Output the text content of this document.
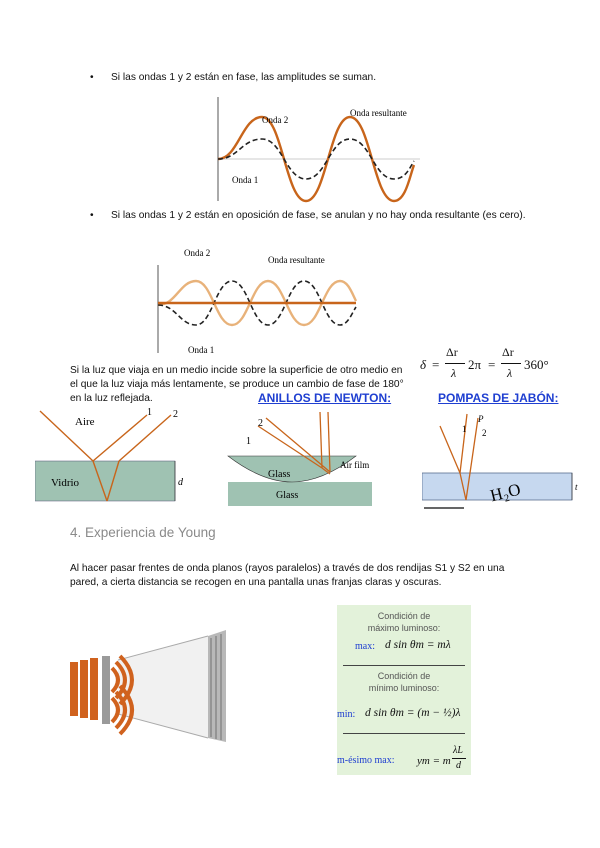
• Si las ondas 1 y 2 están en fase, las amplitudes se suman.
Onda 2
Onda 1
Onda resultante
• Si las ondas 1 y 2 están en oposición de fase, se anulan y no hay onda resultante (es cero).
Onda 2
Onda 1
Onda resultante
Si la luz que viaja en un medio incide sobre la superficie de otro medio en el que la luz viaja más lentamente, se produce un cambio de fase de 180° en la luz reflejada.
δ =
Δr
λ
2π =
Δr
λ
360°
ANILLOS DE NEWTON:	POMPAS DE JABÓN:
Aire
1 2
Vidrio	d
1
2
Glass
Glass
Air film
P
1 2
t
H₂O
4. Experiencia de Young
Al hacer pasar frentes de onda planos (rayos paralelos) a través de dos rendijas S1 y S2 en una pared, a cierta distancia se recogen en una pantalla unas franjas claras y oscuras.
Condición de
máximo luminoso:
max: d sin θm = mλ
Condición de
mínimo luminoso:
min: d sin θm = (m − ½)λ
m-ésimo max: ym = m
λL
d
